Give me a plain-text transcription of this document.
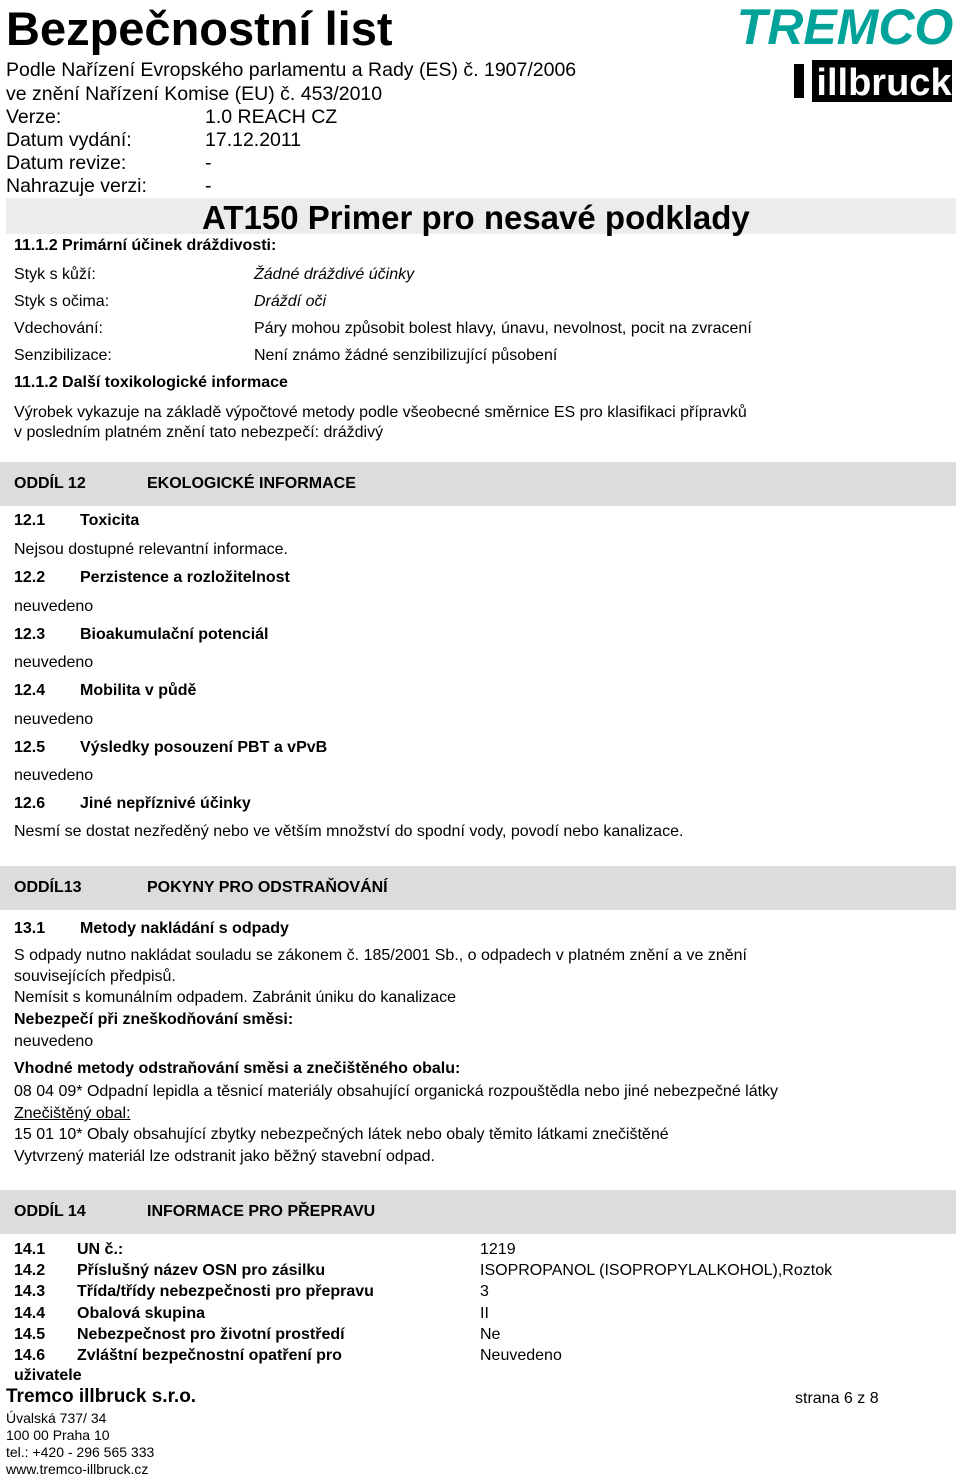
Bezpečnostní list
Podle Nařízení Evropského parlamentu a Rady (ES) č. 1907/2006
ve znění Nařízení Komise (EU) č. 453/2010
Verze:	1.0 REACH CZ
Datum vydání:	17.12.2011
Datum revize:	-
Nahrazuje verzi:	-
AT150 Primer pro nesavé podklady
TREMCO
illbruck
11.1.2 Primární účinek dráždivosti:
Styk s kůží:	Žádné dráždivé účinky
Styk s očima:	Dráždí oči
Vdechování:	Páry mohou způsobit bolest hlavy, únavu, nevolnost, pocit na zvracení
Senzibilizace:	Není známo žádné senzibilizující působení
11.1.2 Další toxikologické informace
Výrobek vykazuje na základě výpočtové metody podle všeobecné směrnice ES pro klasifikaci přípravků
v posledním platném znění tato nebezpečí: dráždivý
ODDÍL 12	EKOLOGICKÉ INFORMACE
12.1 Toxicita
Nejsou dostupné relevantní informace.
12.2 Perzistence a rozložitelnost
neuvedeno
12.3 Bioakumulační potenciál
neuvedeno
12.4 Mobilita v půdě
neuvedeno
12.5 Výsledky posouzení PBT a vPvB
neuvedeno
12.6 Jiné nepříznivé účinky
Nesmí se dostat nezředěný nebo ve větším množství do spodní vody, povodí nebo kanalizace.
ODDÍL13	POKYNY PRO ODSTRAŇOVÁNÍ
13.1 Metody nakládání s odpady
S odpady nutno nakládat souladu se zákonem č. 185/2001 Sb., o odpadech v platném znění a ve znění
souvisejících předpisů.
Nemísit s komunálním odpadem. Zabránit úniku do kanalizace
Nebezpečí při zneškodňování směsi:
neuvedeno
Vhodné metody odstraňování směsi a znečištěného obalu:
08 04 09* Odpadní lepidla a těsnicí materiály obsahující organická rozpouštědla nebo jiné nebezpečné látky
Znečištěný obal:
15 01 10* Obaly obsahující zbytky nebezpečných látek nebo obaly těmito látkami znečištěné
Vytvrzený materiál lze odstranit jako běžný stavební odpad.
ODDÍL 14	INFORMACE PRO PŘEPRAVU
14.1 UN č.:	1219
14.2 Příslušný název OSN pro zásilku	ISOPROPANOL (ISOPROPYLALKOHOL),Roztok
14.3 Třída/třídy nebezpečnosti pro přepravu	3
14.4 Obalová skupina	II
14.5 Nebezpečnost pro životní prostředí	Ne
14.6 Zvláštní bezpečnostní opatření pro	Neuvedeno
uživatele
Tremco illbruck s.r.o.	strana 6 z 8
Úvalská 737/ 34
100 00 Praha 10
tel.: +420 - 296 565 333
www.tremco-illbruck.cz
